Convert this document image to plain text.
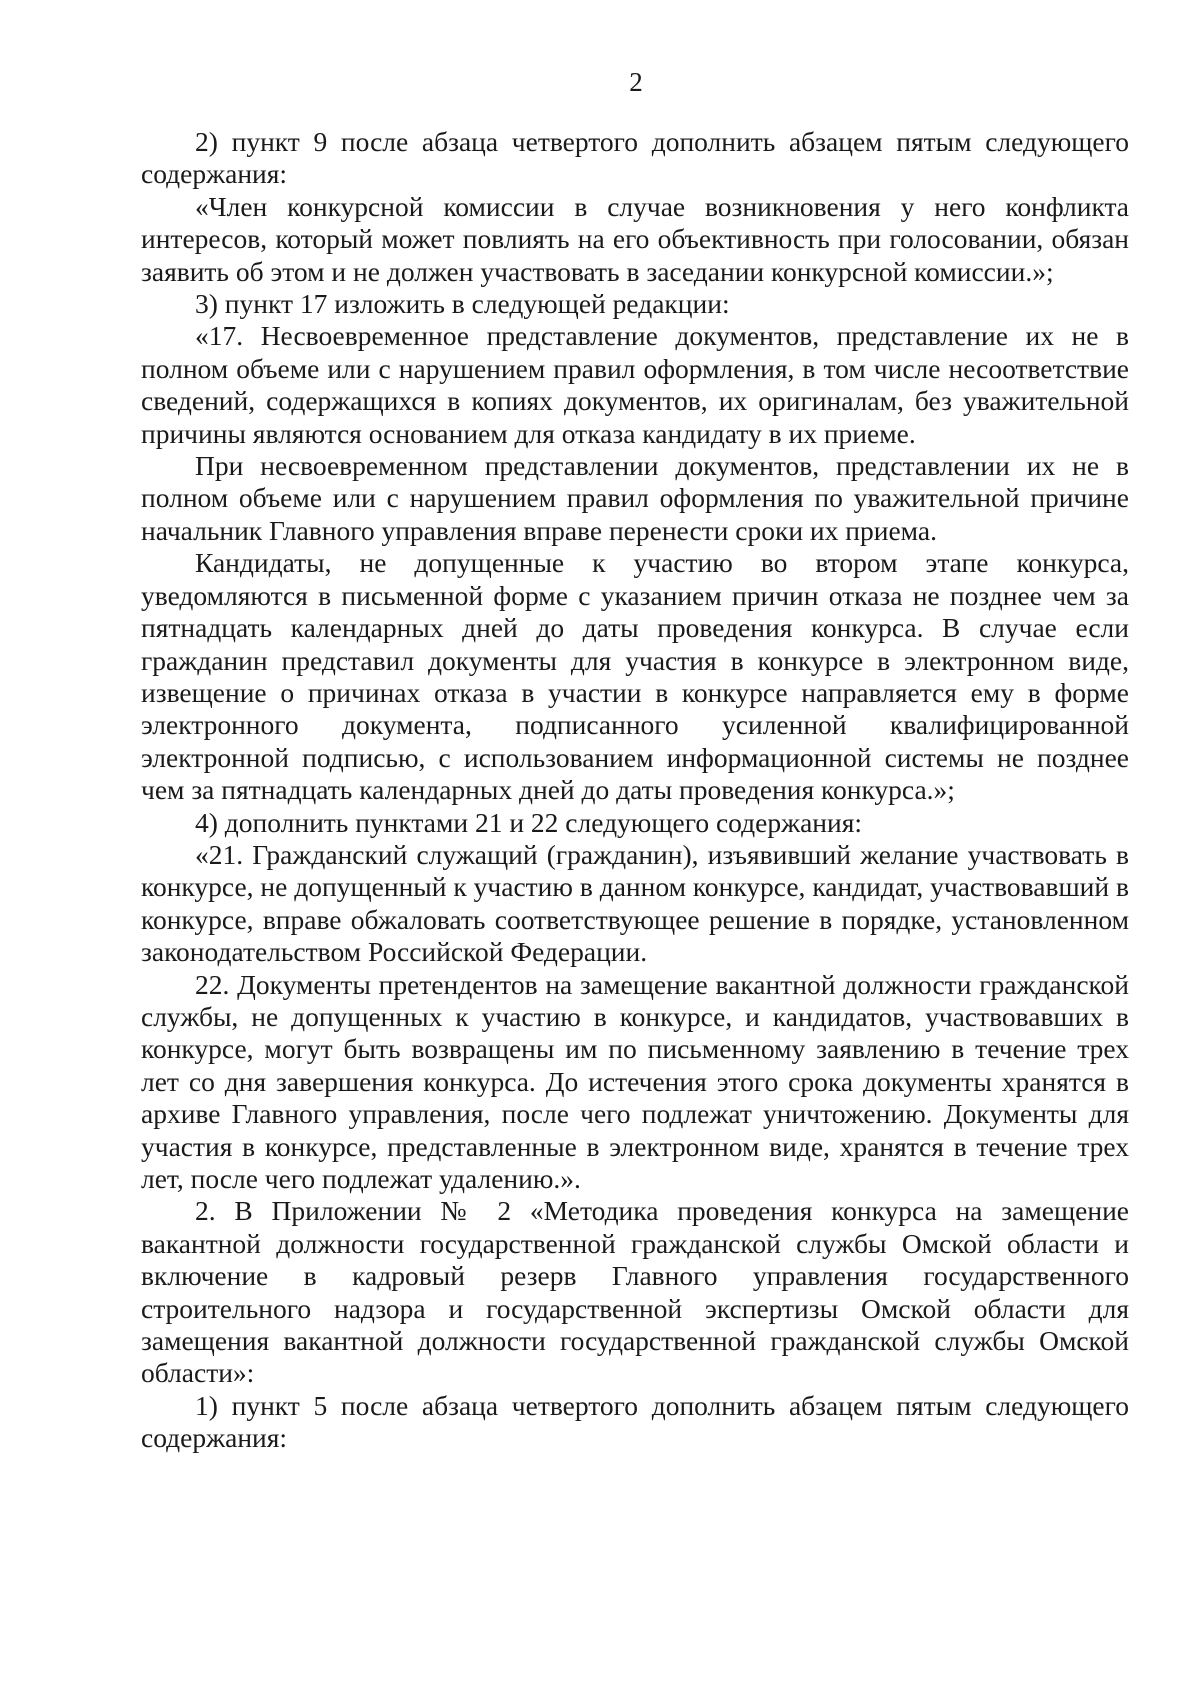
2

2) пункт 9 после абзаца четвертого дополнить абзацем пятым следующего содержания:

«Член конкурсной комиссии в случае возникновения у него конфликта интересов, который может повлиять на его объективность при голосовании, обязан заявить об этом и не должен участвовать в заседании конкурсной комиссии.»;

3) пункт 17 изложить в следующей редакции:

«17. Несвоевременное представление документов, представление их не в полном объеме или с нарушением правил оформления, в том числе несоответствие сведений, содержащихся в копиях документов, их оригиналам, без уважительной причины являются основанием для отказа кандидату в их приеме.

При несвоевременном представлении документов, представлении их не в полном объеме или с нарушением правил оформления по уважительной причине начальник Главного управления вправе перенести сроки их приема.

Кандидаты, не допущенные к участию во втором этапе конкурса, уведомляются в письменной форме с указанием причин отказа не позднее чем за пятнадцать календарных дней до даты проведения конкурса. В случае если гражданин представил документы для участия в конкурсе в электронном виде, извещение о причинах отказа в участии в конкурсе направляется ему в форме электронного документа, подписанного усиленной квалифицированной электронной подписью, с использованием информационной системы не позднее чем за пятнадцать календарных дней до даты проведения конкурса.»;

4) дополнить пунктами 21 и 22 следующего содержания:

«21. Гражданский служащий (гражданин), изъявивший желание участвовать в конкурсе, не допущенный к участию в данном конкурсе, кандидат, участвовавший в конкурсе, вправе обжаловать соответствующее решение в порядке, установленном законодательством Российской Федерации.

22. Документы претендентов на замещение вакантной должности гражданской службы, не допущенных к участию в конкурсе, и кандидатов, участвовавших в конкурсе, могут быть возвращены им по письменному заявлению в течение трех лет со дня завершения конкурса. До истечения этого срока документы хранятся в архиве Главного управления, после чего подлежат уничтожению. Документы для участия в конкурсе, представленные в электронном виде, хранятся в течение трех лет, после чего подлежат удалению.».

2. В Приложении № 2 «Методика проведения конкурса на замещение вакантной должности государственной гражданской службы Омской области и включение в кадровый резерв Главного управления государственного строительного надзора и государственной экспертизы Омской области для замещения вакантной должности государственной гражданской службы Омской области»:

1) пункт 5 после абзаца четвертого дополнить абзацем пятым следующего содержания:
